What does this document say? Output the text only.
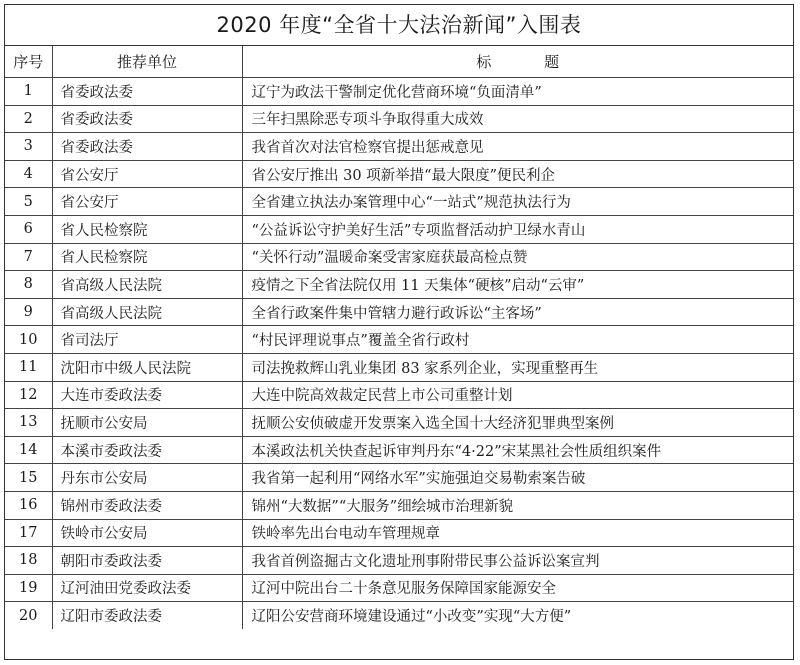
2020 年度“全省十大法治新闻”入围表
序号	推荐单位	标 题
1	省委政法委	辽宁为政法干警制定优化营商环境“负面清单”
2	省委政法委	三年扫黑除恶专项斗争取得重大成效
3	省委政法委	我省首次对法官检察官提出惩戒意见
4	省公安厅	省公安厅推出 30 项新举措“最大限度”便民利企
5	省公安厅	全省建立执法办案管理中心“一站式”规范执法行为
6	省人民检察院	“公益诉讼守护美好生活”专项监督活动护卫绿水青山
7	省人民检察院	“关怀行动”温暖命案受害家庭获最高检点赞
8	省高级人民法院	疫情之下全省法院仅用 11 天集体“硬核”启动“云审”
9	省高级人民法院	全省行政案件集中管辖力避行政诉讼“主客场”
10	省司法厅	“村民评理说事点”覆盖全省行政村
11	沈阳市中级人民法院	司法挽救辉山乳业集团 83 家系列企业，实现重整再生
12	大连市委政法委	大连中院高效裁定民营上市公司重整计划
13	抚顺市公安局	抚顺公安侦破虚开发票案入选全国十大经济犯罪典型案例
14	本溪市委政法委	本溪政法机关快查起诉审判丹东“4·22”宋某黑社会性质组织案件
15	丹东市公安局	我省第一起利用“网络水军”实施强迫交易勒索案告破
16	锦州市委政法委	锦州“大数据”“大服务”细绘城市治理新貌
17	铁岭市公安局	铁岭率先出台电动车管理规章
18	朝阳市委政法委	我省首例盗掘古文化遗址刑事附带民事公益诉讼案宣判
19	辽河油田党委政法委	辽河中院出台二十条意见服务保障国家能源安全
20	辽阳市委政法委	辽阳公安营商环境建设通过“小改变”实现“大方便”
